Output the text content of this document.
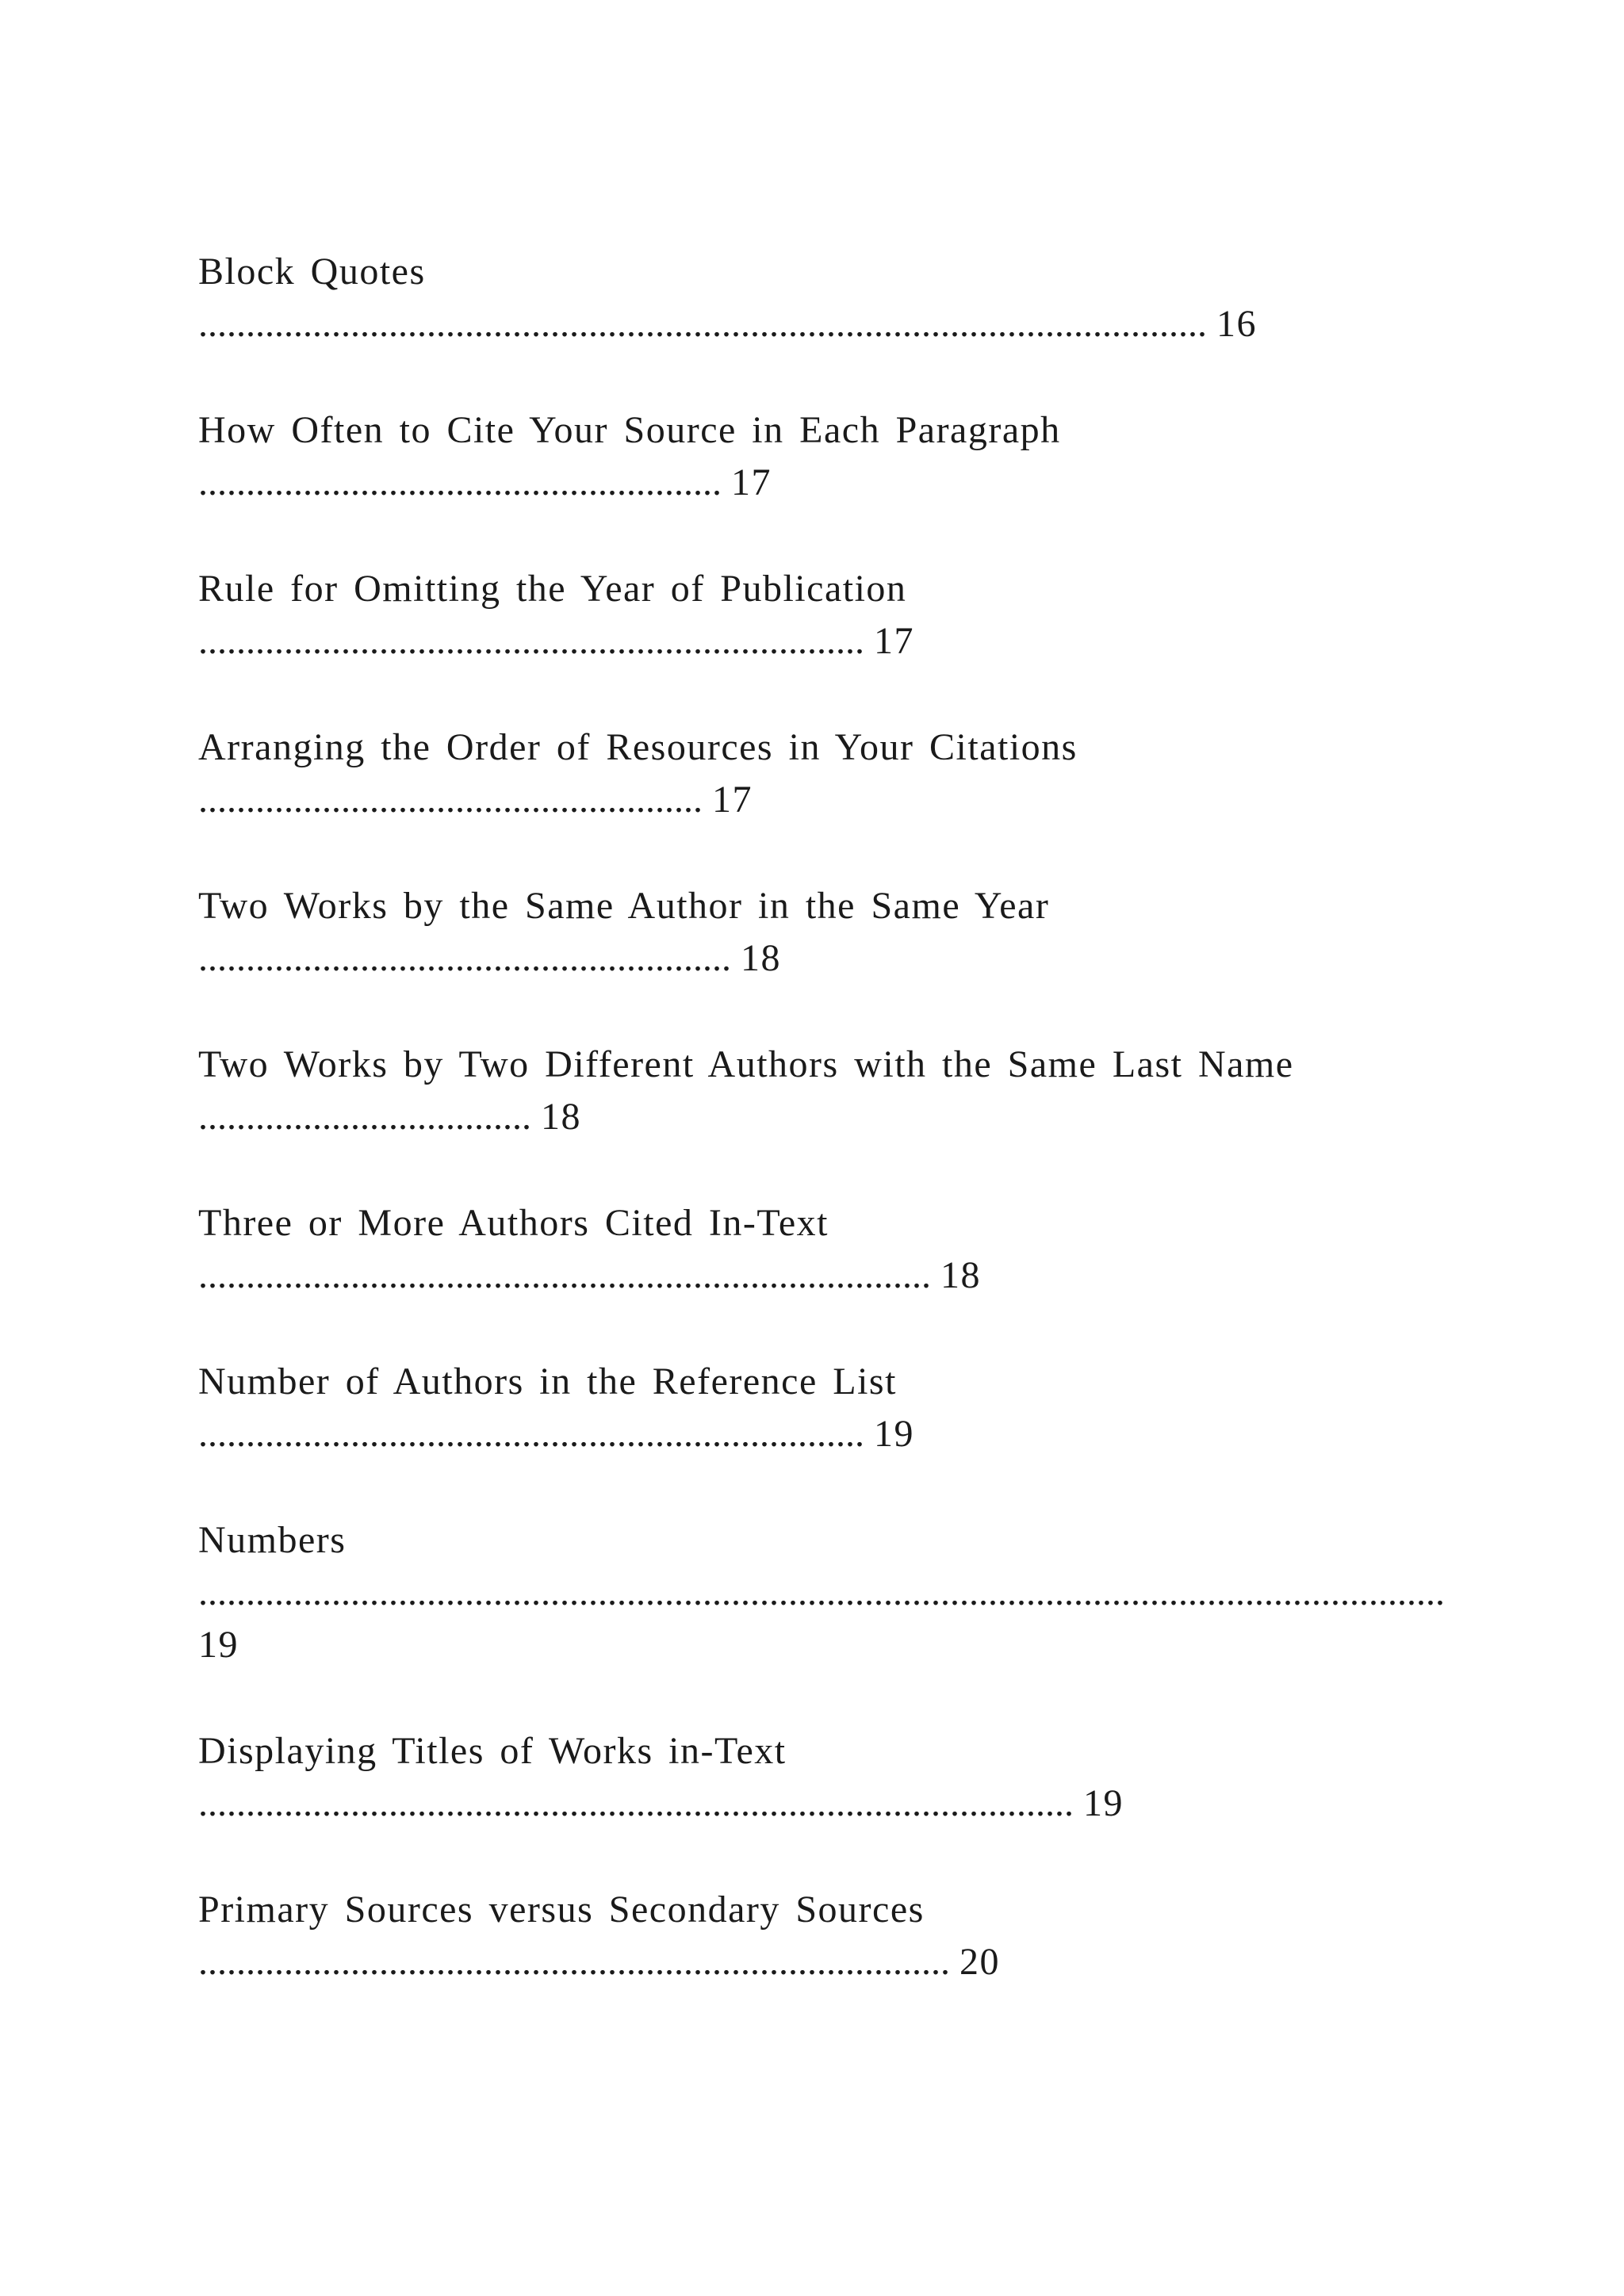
Block Quotes
.......................................................................................................... 16
How Often to Cite Your Source in Each Paragraph
....................................................... 17
Rule for Omitting the Year of Publication
...................................................................... 17
Arranging the Order of Resources in Your Citations
..................................................... 17
Two Works by the Same Author in the Same Year
........................................................ 18
Two Works by Two Different Authors with the Same Last Name
................................... 18
Three or More Authors Cited In-Text
............................................................................. 18
Number of Authors in the Reference List
...................................................................... 19
Numbers
................................................................................................................................... 19
Displaying Titles of Works in-Text
............................................................................................ 19
Primary Sources versus Secondary Sources
............................................................................... 20
